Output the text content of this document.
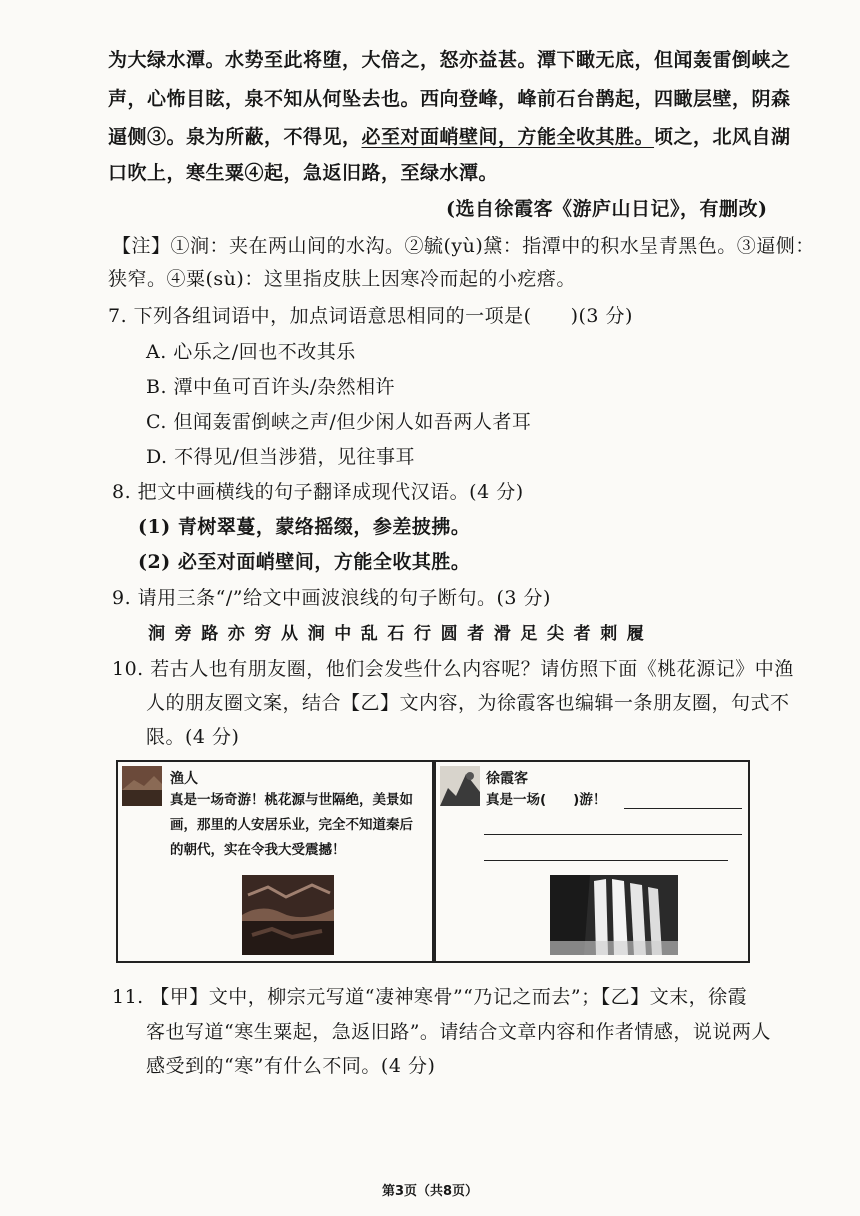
为大绿水潭。水势至此将堕，大倍之，怒亦益甚。潭下瞰无底，但闻轰雷倒峡之
声，心怖目眩，泉不知从何坠去也。西向登峰，峰前石台鹊起，四瞰层壁，阴森
逼侧③。泉为所蔽，不得见，必至对面峭壁间，方能全收其胜。顷之，北风自湖
口吹上，寒生粟④起，急返旧路，至绿水潭。
(选自徐霞客《游庐山日记》，有删改)
【注】①涧：夹在两山间的水沟。②毓(yù)黛：指潭中的积水呈青黑色。③逼侧：
狭窄。④粟(sù)：这里指皮肤上因寒冷而起的小疙瘩。
7. 下列各组词语中，加点词语意思相同的一项是(　　)(3 分)
A. 心乐之/回也不改其乐
B. 潭中鱼可百许头/杂然相许
C. 但闻轰雷倒峡之声/但少闲人如吾两人者耳
D. 不得见/但当涉猎，见往事耳
8. 把文中画横线的句子翻译成现代汉语。(4 分)
(1) 青树翠蔓，蒙络摇缀，参差披拂。
(2) 必至对面峭壁间，方能全收其胜。
9. 请用三条“/”给文中画波浪线的句子断句。(3 分)
涧旁路亦穷从涧中乱石行圆者滑足尖者刺履
10. 若古人也有朋友圈，他们会发些什么内容呢？请仿照下面《桃花源记》中渔
人的朋友圈文案，结合【乙】文内容，为徐霞客也编辑一条朋友圈，句式不
限。(4 分)
渔人
真是一场奇游！桃花源与世隔绝，美景如
画，那里的人安居乐业，完全不知道秦后
的朝代，实在令我大受震撼！
徐霞客
真是一场(　　)游！
11. 【甲】文中，柳宗元写道“凄神寒骨”“乃记之而去”；【乙】文末，徐霞
客也写道“寒生粟起，急返旧路”。请结合文章内容和作者情感，说说两人
感受到的“寒”有什么不同。(4 分)
第3页（共8页）
